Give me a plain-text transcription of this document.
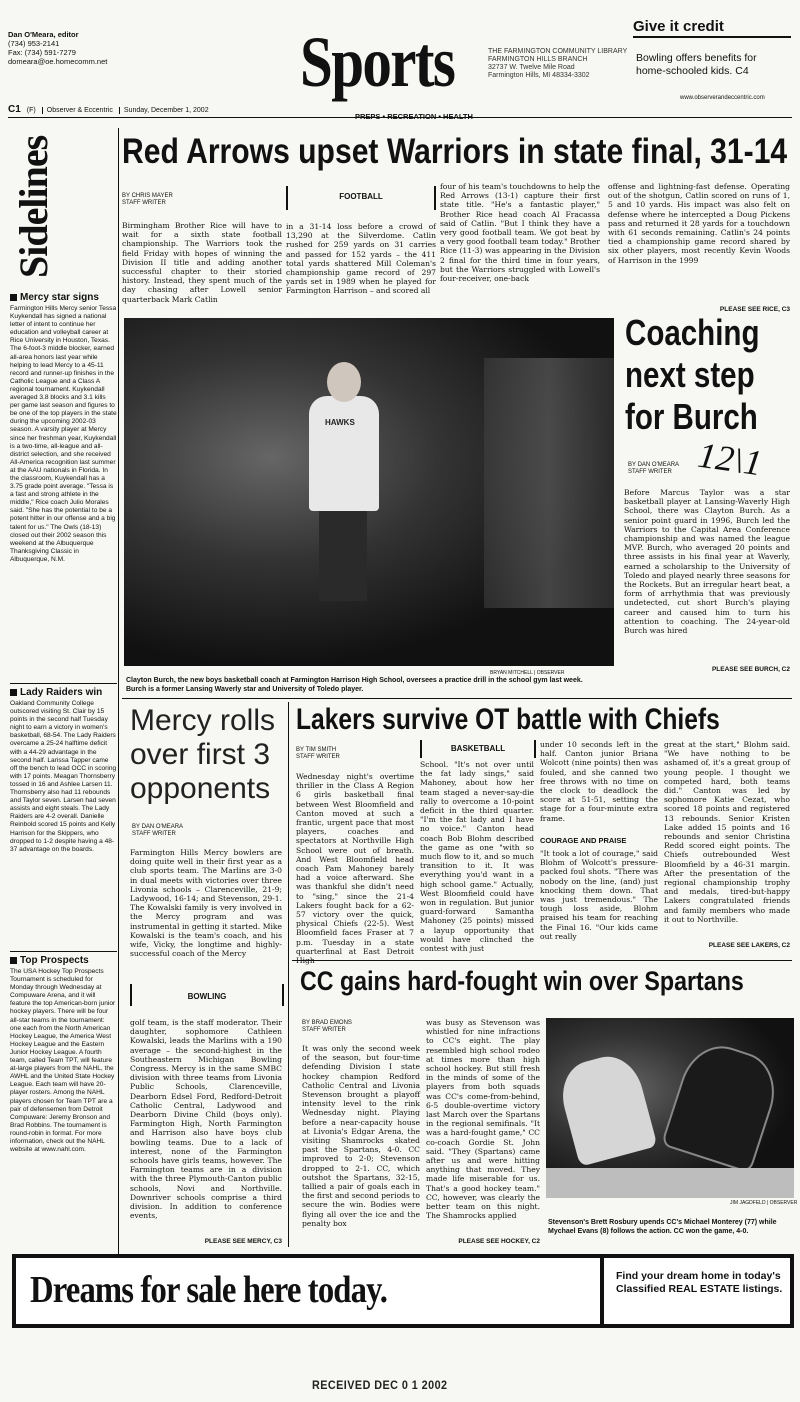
Dan O'Meara, editor
(734) 953-2141
Fax: (734) 591-7279
domeara@oe.homecomm.net	Sports	THE FARMINGTON COMMUNITY LIBRARY
FARMINGTON HILLS BRANCH
32737 W. Twelve Mile Road
Farmington Hills, MI 48334-3302
Give it credit
Bowling offers benefits for home-schooled kids. C4
www.observerandeccentric.com
C1 (F)	Observer & Eccentric	Sunday, December 1, 2002
Sidelines
Mercy star signs
Farmington Hills Mercy senior Tessa Kuykendall has signed a national letter of intent to continue her education and volleyball career at Rice University in Houston, Texas. The 6-foot-3 middle blocker, earned all-area honors last year while helping to lead Mercy to a 45-11 record and runner-up finishes in the Catholic League and a Class A regional tournament. Kuykendall averaged 3.8 blocks and 3.1 kills per game last season and figures to be one of the top players in the state during the upcoming 2002-03 season. A varsity player at Mercy since her freshman year, Kuykendall is a two-time, all-league and all-district selection, and she received All-America recognition last summer at the AAU nationals in Florida. In the classroom, Kuykendall has a 3.75 grade point average. "Tessa is a fast and strong athlete in the middle," Rice coach Julio Morales said. "She has the potential to be a potent hitter in our offense and a big talent for us." The Owls (18-13) closed out their 2002 season this weekend at the Albuquerque Thanksgiving Classic in Albuquerque, N.M.
Lady Raiders win
Oakland Community College outscored visiting St. Clair by 15 points in the second half Tuesday night to earn a victory in women's basketball, 68-54. The Lady Raiders overcame a 25-24 halftime deficit with a 44-29 advantage in the second half. Larissa Tapper came off the bench to lead OCC in scoring with 17 points. Meagan Thornsberry tossed in 16 and Ashlee Larsen 11. Thornsberry also had 11 rebounds and Taylor seven. Larsen had seven assists and eight steals. The Lady Raiders are 4-2 overall. Danielle Reinbold scored 15 points and Kelly Harrison for the Skippers, who dropped to 1-2 despite having a 48-37 advantage on the boards.
Top Prospects
The USA Hockey Top Prospects Tournament is scheduled for Monday through Wednesday at Compuware Arena, and it will feature the top American-born junior hockey players. There will be four all-star teams in the tournament: one each from the North American Hockey League, the America West Hockey League and the Eastern Junior Hockey League. A fourth team, called Team TPT, will feature at-large players from the NAHL, the AWHL and the United State Hockey League. Each team will have 20-player rosters. Among the NAHL players chosen for Team TPT are a pair of defensemen from Detroit Compuware: Jeremy Bronson and Brad Robbins. The tournament is round-robin in format. For more information, check out the NAHL website at www.nahl.com.
Red Arrows upset Warriors in state final, 31-14
BY CHRIS MAYER
STAFF WRITER
Birmingham Brother Rice will have to wait for a sixth state football championship. The Warriors took the field Friday with hopes of winning the Division II title and adding another successful chapter to their storied history. Instead, they spent much of the day chasing after Lowell senior quarterback Mark Catlin
FOOTBALL
in a 31-14 loss before a crowd of 13,290 at the Silverdome. Catlin rushed for 259 yards on 31 carries and passed for 152 yards – the 411 total yards shattered Mill Coleman's championship game record of 297 yards set in 1989 when he played for Farmington Harrison – and scored all
four of his team's touchdowns to help the Red Arrows (13-1) capture their first state title. "He's a fantastic player," Brother Rice head coach Al Fracassa said of Catlin. "But I think they have a very good football team. We got beat by a very good football team today." Brother Rice (11-3) was appearing in the Division 2 final for the third time in four years, but the Warriors struggled with Lowell's four-receiver, one-back
offense and lightning-fast defense. Operating out of the shotgun, Catlin scored on runs of 1, 5 and 10 yards. His impact was also felt on defense where he intercepted a Doug Pickens pass and returned it 28 yards for a touchdown with 61 seconds remaining. Catlin's 24 points tied a championship game record shared by six other players, most recently Kevin Woods of Harrison in the 1999
PLEASE SEE RICE, C3
HAWKS
BRYAN MITCHELL | OBSERVER
Coaching
next step
for Burch
12\1
BY DAN O'MEARA
STAFF WRITER
Before Marcus Taylor was a star basketball player at Lansing-Waverly High School, there was Clayton Burch. As a senior point guard in 1996, Burch led the Warriors to the Capital Area Conference championship and was named the league MVP. Burch, who averaged 20 points and three assists in his final year at Waverly, earned a scholarship to the University of Toledo and played nearly three seasons for the Rockets. But an irregular heart beat, a form of arrhythmia that was previously undetected, cut short Burch's playing career and caused him to turn his attention to coaching. The 24-year-old Burch was hired
PLEASE SEE BURCH, C2
Clayton Burch, the new boys basketball coach at Farmington Harrison High School, oversees a practice drill in the school gym last week. Burch is a former Lansing Waverly star and University of Toledo player.
Mercy rolls
over first 3
opponents
BY DAN O'MEARA
STAFF WRITER
Farmington Hills Mercy bowlers are doing quite well in their first year as a club sports team. The Marlins are 3-0 in dual meets with victories over three Livonia schools – Clarenceville, 21-9; Ladywood, 16-14; and Stevenson, 29-1. The Kowalski family is very involved in the Mercy program and was instrumental in getting it started. Mike Kowalski is the team's coach, and his wife, Vicky, the longtime and highly-successful coach of the Mercy
BOWLING
golf team, is the staff moderator. Their daughter, sophomore Cathleen Kowalski, leads the Marlins with a 190 average – the second-highest in the Southeastern Michigan Bowling Congress. Mercy is in the same SMBC division with three teams from Livonia Public Schools, Clarenceville, Dearborn Edsel Ford, Redford-Detroit Catholic Central, Ladywood and Dearborn Divine Child (boys only). Farmington High, North Farmington and Harrison also have boys club bowling teams. Due to a lack of interest, none of the Farmington schools have girls teams, however. The Farmington teams are in a division with the three Plymouth-Canton public schools, Novi and Northville. Downriver schools comprise a third division. In addition to conference events,
PLEASE SEE MERCY, C3
Lakers survive OT battle with Chiefs
BY TIM SMITH
STAFF WRITER
Wednesday night's overtime thriller in the Class A Region 6 girls basketball final between West Bloomfield and Canton moved at such a frantic, urgent pace that most players, coaches and spectators at Northville High School were out of breath. And West Bloomfield head coach Pam Mahoney barely had a voice afterward. She was thankful she didn't need to "sing," since the 21-4 Lakers fought back for a 62-57 victory over the quick, physical Chiefs (22-5). West Bloomfield faces Fraser at 7 p.m. Tuesday in a state quarterfinal at East Detroit
BASKETBALL
School. "It's not over until the fat lady sings," said Mahoney, about how her team staged a never-say-die rally to overcome a 10-point deficit in the third quarter. "I'm the fat lady and I have no voice." Canton head coach Bob Blohm described the game as one "with so much flow to it, and so much transition to it. It was everything you'd want in a high school game." Actually, West Bloomfield could have won in regulation. But junior guard-forward Samantha Mahoney (25 points) missed a layup opportunity that would have clinched the contest with just
under 10 seconds left in the half. Canton junior Briana Wolcott (nine points) then was fouled, and she canned two free throws with no time on the clock to deadlock the score at 51-51, setting the stage for a four-minute extra frame.
COURAGE AND PRAISE
"It took a lot of courage," said Blohm of Wolcott's pressure-packed foul shots. "There was nobody on the line, (and) just knocking them down. That was just tremendous." The tough loss aside, Blohm praised his team for reaching the Final 16. "Our kids came out really
great at the start," Blohm said. "We have nothing to be ashamed of, it's a great group of young people. I thought we competed hard, both teams did." Canton was led by sophomore Katie Cezat, who scored 18 points and registered 13 rebounds. Senior Kristen Lake added 15 points and 16 rebounds and senior Christina Redd scored eight points. The Chiefs outrebounded West Bloomfield by a 46-31 margin. After the presentation of the regional championship trophy and medals, tired-but-happy Lakers congratulated friends and family members who made it out to Northville.
PLEASE SEE LAKERS, C2
CC gains hard-fought win over Spartans
BY BRAD EMONS
STAFF WRITER
It was only the second week of the season, but four-time defending Division I state hockey champion Redford Catholic Central and Livonia Stevenson brought a playoff intensity level to the rink Wednesday night. Playing before a near-capacity house at Livonia's Edgar Arena, the visiting Shamrocks skated past the Spartans, 4-0. CC improved to 2-0; Stevenson dropped to 2-1. CC, which outshot the Spartans, 32-15, tallied a pair of goals each in the first and second periods to secure the win. Bodies were flying all over the ice and the penalty box
was busy as Stevenson was whistled for nine infractions to CC's eight. The play resembled high school rodeo at times more than high school hockey. But still fresh in the minds of some of the players from both squads was CC's come-from-behind, 6-5 double-overtime victory last March over the Spartans in the regional semifinals. "It was a hard-fought game," CC co-coach Gordie St. John said. "They (Spartans) came after us and were hitting anything that moved. They made life miserable for us. That's a good hockey team." CC, however, was clearly the better team on this night. The Shamrocks applied
PLEASE SEE HOCKEY, C2
JIM JAGDFELD | OBSERVER
Stevenson's Brett Rosbury upends CC's Michael Monterey (77) while Mychael Evans (8) follows the action. CC won the game, 4-0.
Dreams for sale here today.	Find your dream home in today's Classified REAL ESTATE listings.
RECEIVED DEC 0 1 2002
